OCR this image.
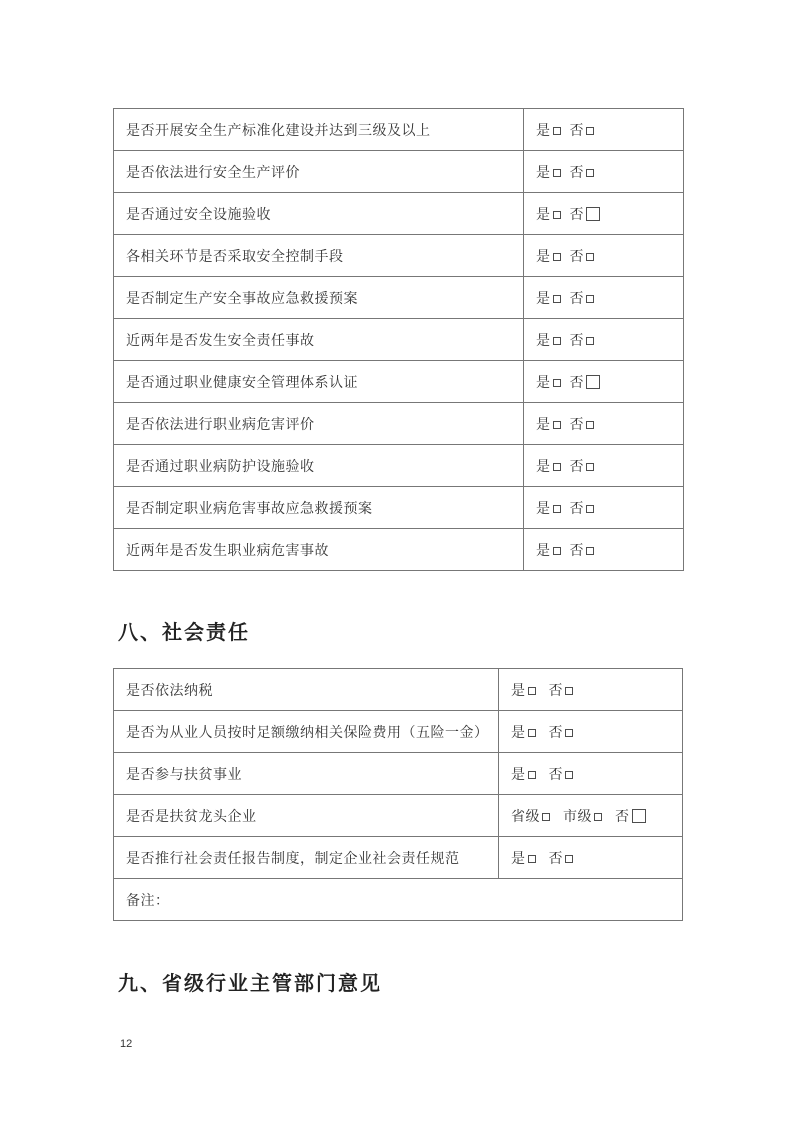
是否开展安全生产标准化建设并达到三级及以上	是 否
是否依法进行安全生产评价	是 否
是否通过安全设施验收	是 否
各相关环节是否采取安全控制手段	是 否
是否制定生产安全事故应急救援预案	是 否
近两年是否发生安全责任事故	是 否
是否通过职业健康安全管理体系认证	是 否
是否依法进行职业病危害评价	是 否
是否通过职业病防护设施验收	是 否
是否制定职业病危害事故应急救援预案	是 否
近两年是否发生职业病危害事故	是 否
八、社会责任
是否依法纳税	是 否
是否为从业人员按时足额缴纳相关保险费用（五险一金）	是 否
是否参与扶贫事业	是 否
是否是扶贫龙头企业	省级 市级 否
是否推行社会责任报告制度，制定企业社会责任规范	是 否
备注：	
九、省级行业主管部门意见
12
